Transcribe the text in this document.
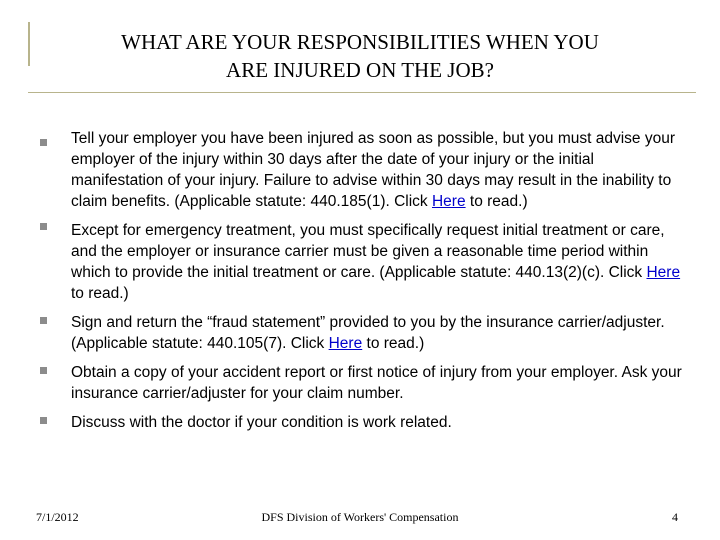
WHAT ARE YOUR RESPONSIBILITIES WHEN YOU
ARE INJURED ON THE JOB?
Tell your employer you have been injured as soon as possible, but you must advise your employer of the injury within 30 days after the date of your injury or the initial manifestation of your injury. Failure to advise within 30 days may result in the inability to claim benefits. (Applicable statute: 440.185(1). Click Here to read.)
Except for emergency treatment, you must specifically request initial treatment or care, and the employer or insurance carrier must be given a reasonable time period within which to provide the initial treatment or care. (Applicable statute: 440.13(2)(c). Click Here to read.)
Sign and return the “fraud statement” provided to you by the insurance carrier/adjuster. (Applicable statute: 440.105(7). Click Here to read.)
Obtain a copy of your accident report or first notice of injury from your employer. Ask your insurance carrier/adjuster for your claim number.
Discuss with the doctor if your condition is work related.
7/1/2012	DFS Division of Workers' Compensation	4
